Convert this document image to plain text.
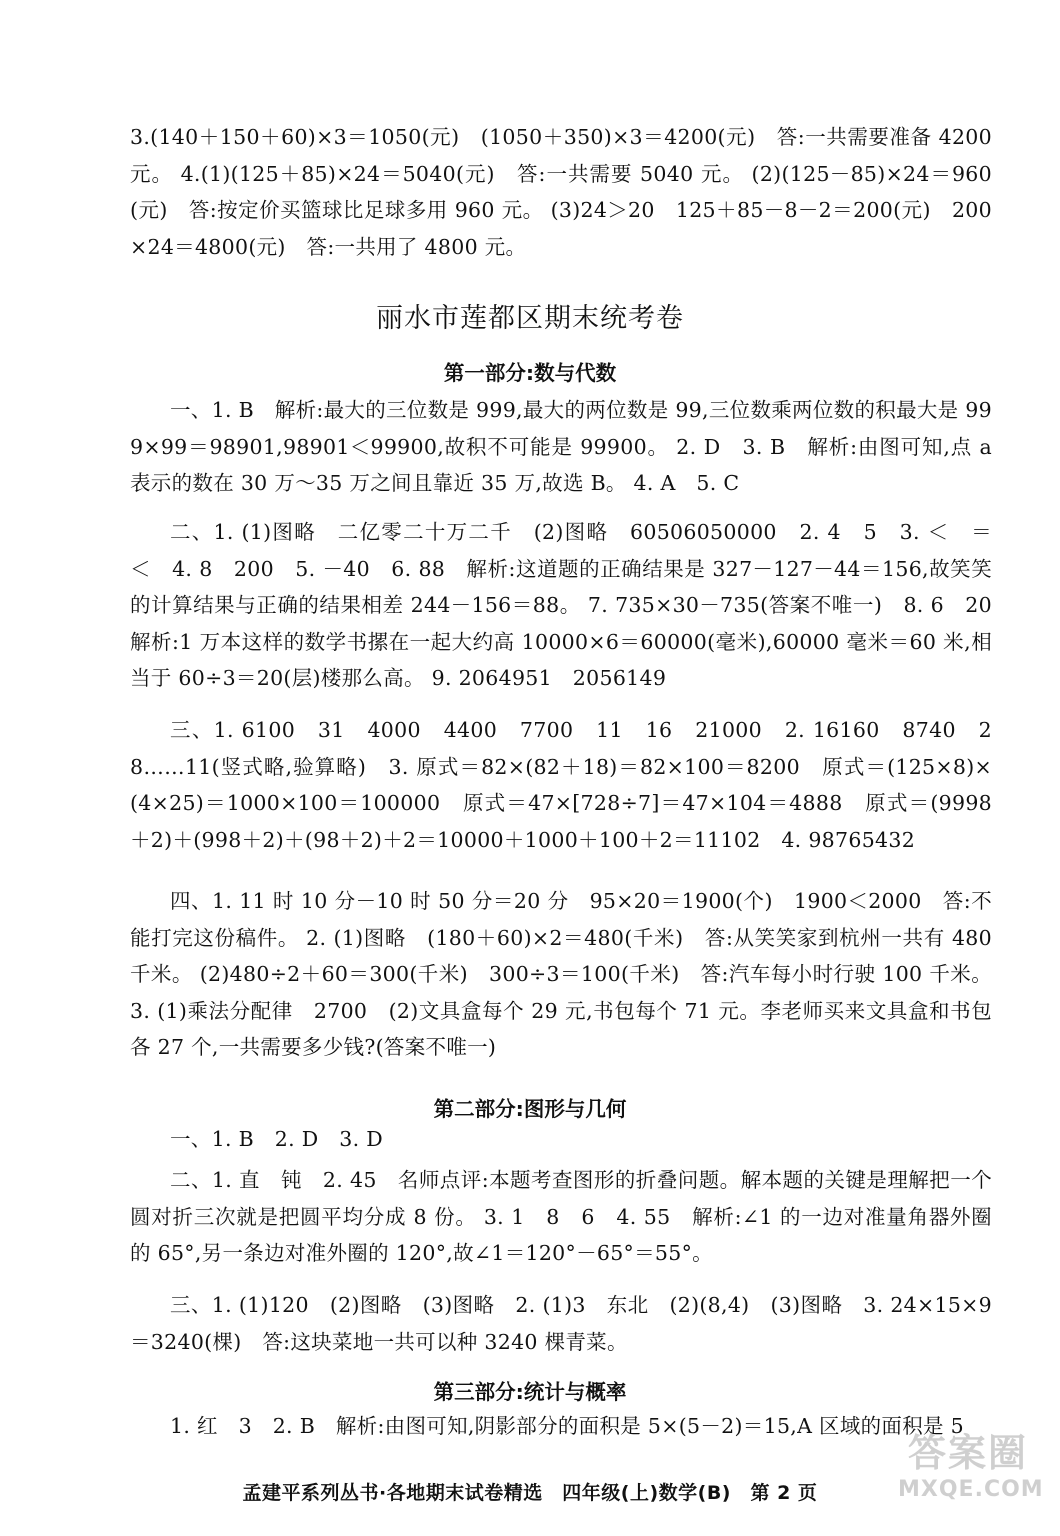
3.(140＋150＋60)×3＝1050(元)　(1050＋350)×3＝4200(元)　答:一共需要准备 4200 元。 4.(1)(125＋85)×24＝5040(元)　答:一共需要 5040 元。 (2)(125－85)×24＝960(元)　答:按定价买篮球比足球多用 960 元。 (3)24＞20　125＋85－8－2＝200(元)　200×24＝4800(元)　答:一共用了 4800 元。
丽水市莲都区期末统考卷
第一部分:数与代数
一、1. B　解析:最大的三位数是 999,最大的两位数是 99,三位数乘两位数的积最大是 999×99＝98901,98901＜99900,故积不可能是 99900。 2. D　3. B　解析:由图可知,点 a 表示的数在 30 万～35 万之间且靠近 35 万,故选 B。 4. A　5. C
二、1. (1)图略　二亿零二十万二千　(2)图略　60506050000　2. 4　5　3. ＜　＝　＜　4. 8　200　5. －40　6. 88　解析:这道题的正确结果是 327－127－44＝156,故笑笑的计算结果与正确的结果相差 244－156＝88。 7. 735×30－735(答案不唯一)　8. 6　20　解析:1 万本这样的数学书摞在一起大约高 10000×6＝60000(毫米),60000 毫米＝60 米,相当于 60÷3＝20(层)楼那么高。 9. 2064951　2056149
三、1. 6100　31　4000　4400　7700　11　16　21000　2. 16160　8740　28……11(竖式略,验算略)　3. 原式＝82×(82＋18)＝82×100＝8200　原式＝(125×8)×(4×25)＝1000×100＝100000　原式＝47×[728÷7]＝47×104＝4888　原式＝(9998＋2)＋(998＋2)＋(98＋2)＋2＝10000＋1000＋100＋2＝11102　4. 98765432
四、1. 11 时 10 分－10 时 50 分＝20 分　95×20＝1900(个)　1900＜2000　答:不能打完这份稿件。 2. (1)图略　(180＋60)×2＝480(千米)　答:从笑笑家到杭州一共有 480 千米。 (2)480÷2＋60＝300(千米)　300÷3＝100(千米)　答:汽车每小时行驶 100 千米。 3. (1)乘法分配律　2700　(2)文具盒每个 29 元,书包每个 71 元。李老师买来文具盒和书包各 27 个,一共需要多少钱?(答案不唯一)
第二部分:图形与几何
一、1. B　2. D　3. D
二、1. 直　钝　2. 45　名师点评:本题考查图形的折叠问题。解本题的关键是理解把一个圆对折三次就是把圆平均分成 8 份。 3. 1　8　6　4. 55　解析:∠1 的一边对准量角器外圈的 65°,另一条边对准外圈的 120°,故∠1＝120°－65°＝55°。
三、1. (1)120　(2)图略　(3)图略　2. (1)3　东北　(2)(8,4)　(3)图略　3. 24×15×9＝3240(棵)　答:这块菜地一共可以种 3240 棵青菜。
第三部分:统计与概率
1. 红　3　2. B　解析:由图可知,阴影部分的面积是 5×(5－2)＝15,A 区域的面积是 5
孟建平系列丛书·各地期末试卷精选　四年级(上)数学(B)　第 2 页
答案圈
MXQE.COM
